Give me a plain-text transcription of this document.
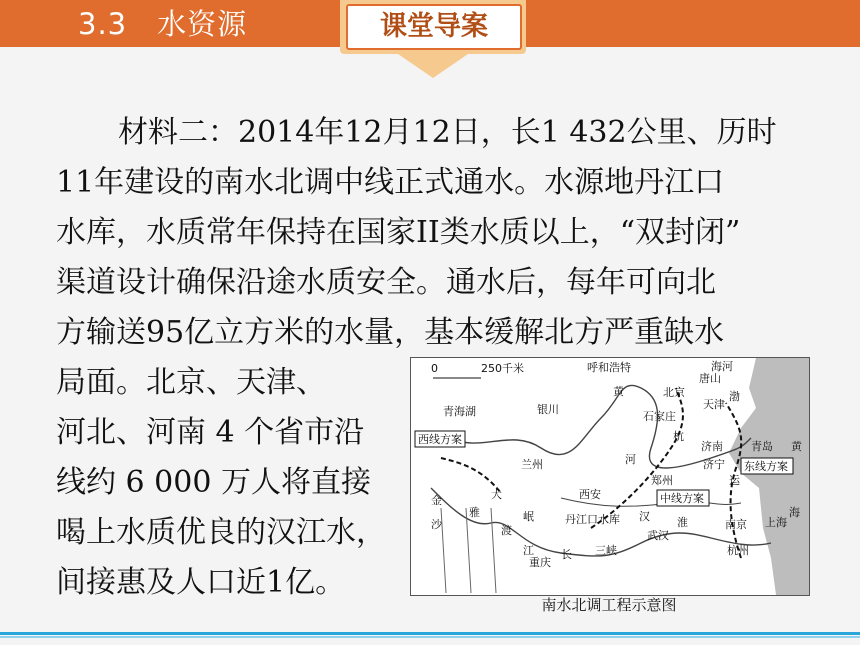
3.3　水资源	课堂导案
材料二：2014年12月12日，长1 432公里、历时
11年建设的南水北调中线正式通水。水源地丹江口
水库，水质常年保持在国家II类水质以上，“双封闭”
渠道设计确保沿途水质安全。通水后，每年可向北
方输送95亿立方米的水量，基本缓解北方严重缺水
局面。北京、天津、
河北、河南 4 个省市沿
线约 6 000 万人将直接
喝上水质优良的汉江水，
间接惠及人口近1亿。
0	250千米	呼和浩特
青海湖	银川
黄	北京
唐山
天津
石家庄
渤
海河
济南
济宁
青岛 黄
杭
兰州	河
郑州
西安
丹江口水库 汉 淮
武汉
重庆
三峡
长
南京 上海
杭州
海
运
大
雅
渡
岷
金
沙
江
西线方案
东线方案
中线方案
南水北调工程示意图
